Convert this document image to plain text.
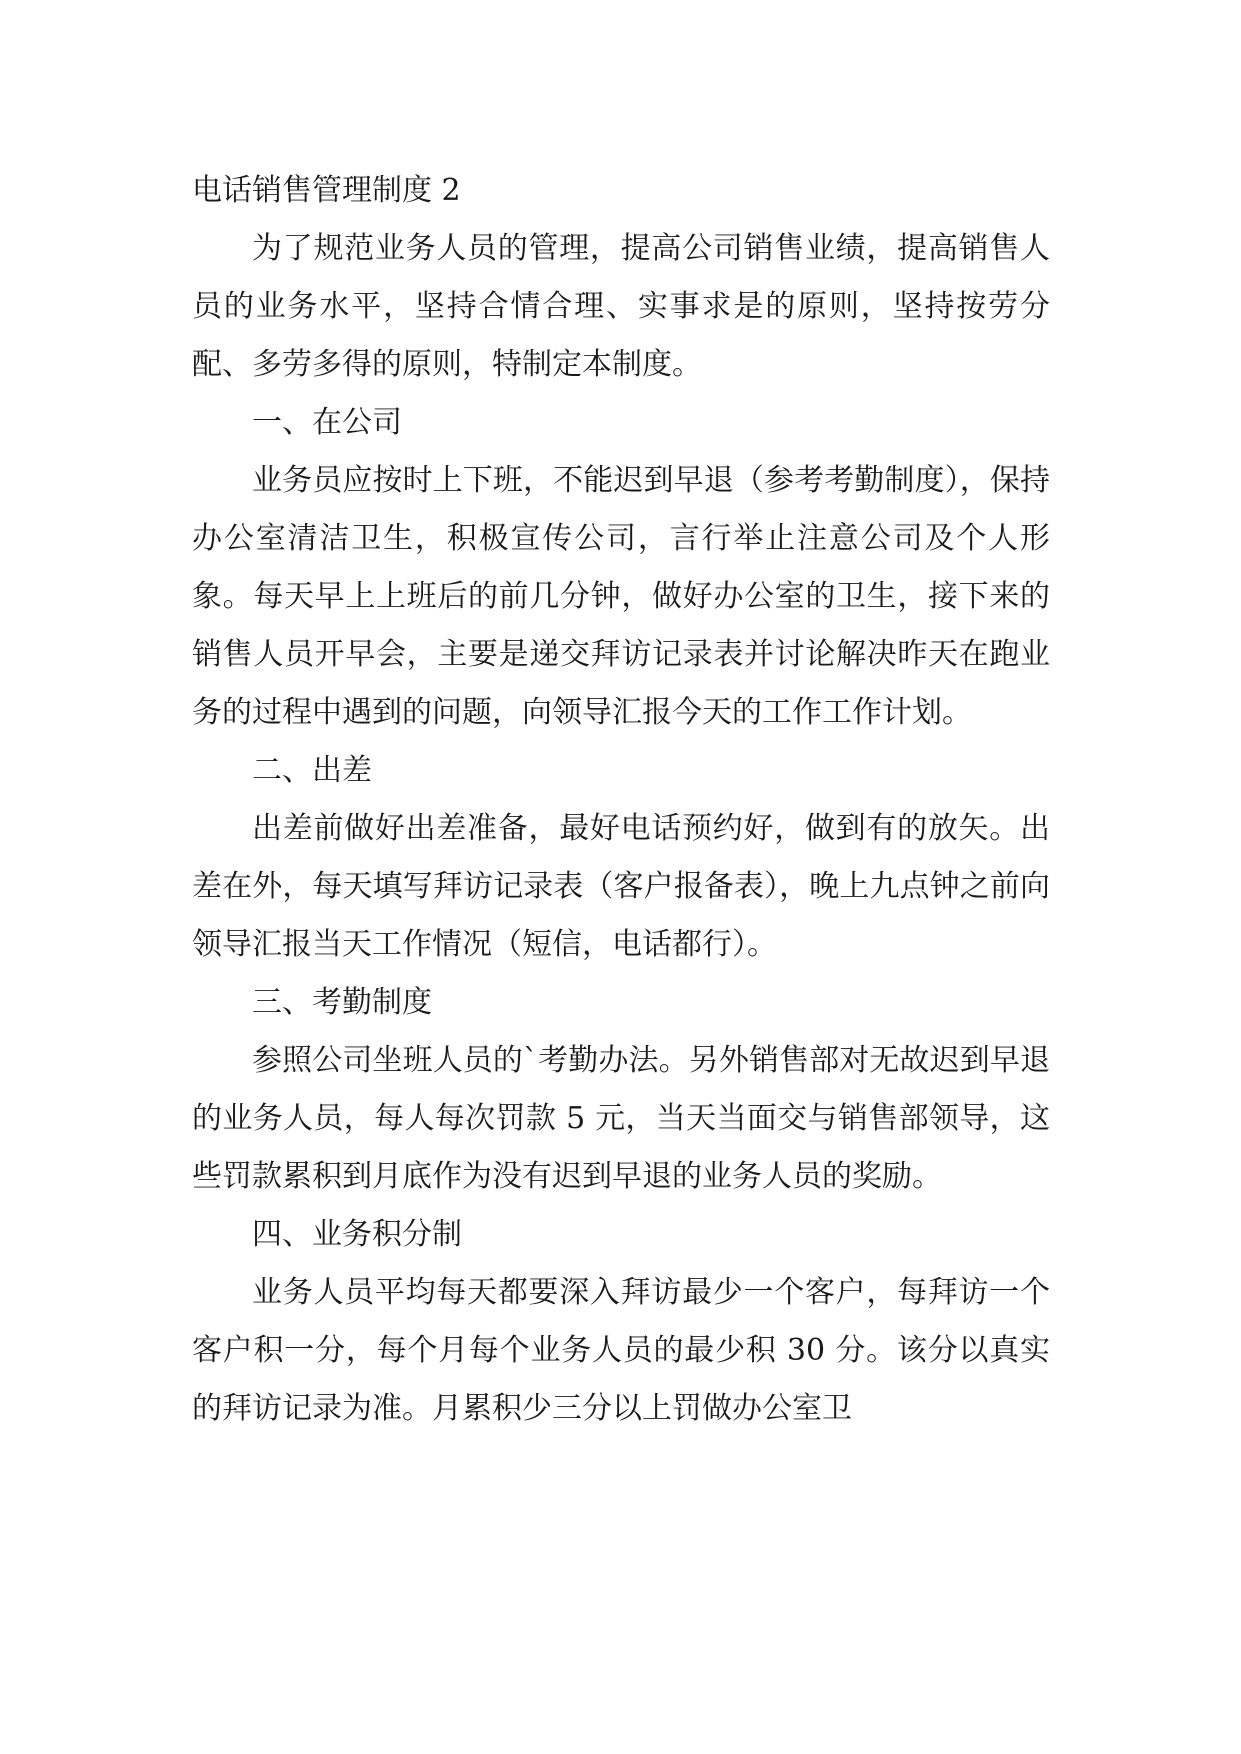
电话销售管理制度 2

为了规范业务人员的管理，提高公司销售业绩，提高销售人员的业务水平，坚持合情合理、实事求是的原则，坚持按劳分配、多劳多得的原则，特制定本制度。

一、在公司

业务员应按时上下班，不能迟到早退（参考考勤制度），保持办公室清洁卫生，积极宣传公司，言行举止注意公司及个人形象。每天早上上班后的前几分钟，做好办公室的卫生，接下来的销售人员开早会，主要是递交拜访记录表并讨论解决昨天在跑业务的过程中遇到的问题，向领导汇报今天的工作工作计划。

二、出差

出差前做好出差准备，最好电话预约好，做到有的放矢。出差在外，每天填写拜访记录表（客户报备表），晚上九点钟之前向领导汇报当天工作情况（短信，电话都行）。

三、考勤制度

参照公司坐班人员的`考勤办法。另外销售部对无故迟到早退的业务人员，每人每次罚款 5 元，当天当面交与销售部领导，这些罚款累积到月底作为没有迟到早退的业务人员的奖励。

四、业务积分制

业务人员平均每天都要深入拜访最少一个客户，每拜访一个客户积一分，每个月每个业务人员的最少积 30 分。该分以真实的拜访记录为准。月累积少三分以上罚做办公室卫
